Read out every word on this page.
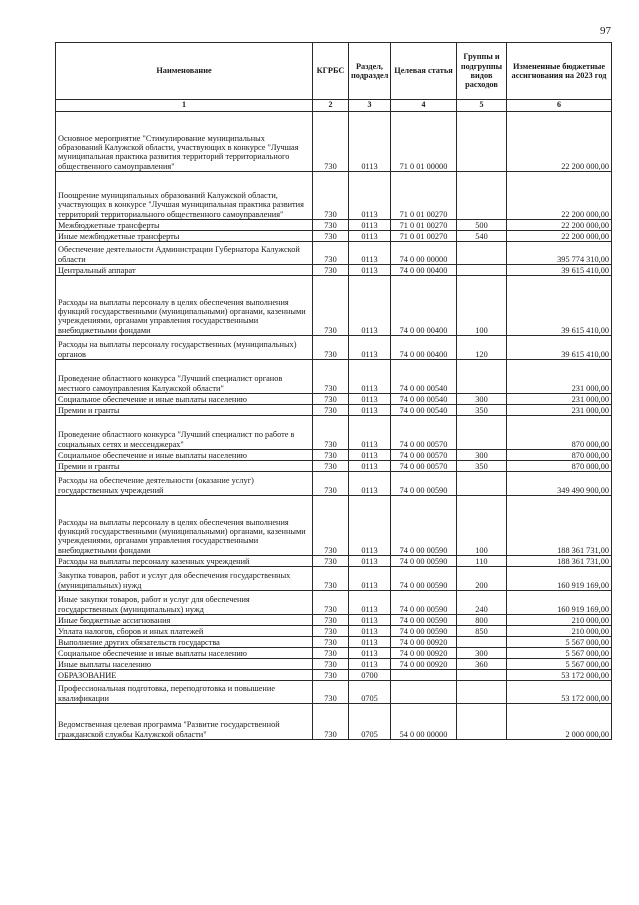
97
Наименование	КГРБС	Раздел, подраздел	Целевая статья	Группы и подгруппы видов расходов	Измененные бюджетные ассигнования на 2023 год
1	2	3	4	5	6
Основное мероприятие "Стимулирование муниципальных образований Калужской области, участвующих в конкурсе "Лучшая муниципальная практика развития территорий территориального общественного самоуправления"	730	0113	71 0 01 00000		22 200 000,00
Поощрение муниципальных образований Калужской области, участвующих в конкурсе "Лучшая муниципальная практика развития территорий территориального общественного самоуправления"	730	0113	71 0 01 00270		22 200 000,00
Межбюджетные трансферты	730	0113	71 0 01 00270	500	22 200 000,00
Иные межбюджетные трансферты	730	0113	71 0 01 00270	540	22 200 000,00
Обеспечение деятельности Администрации Губернатора Калужской области	730	0113	74 0 00 00000		395 774 310,00
Центральный аппарат	730	0113	74 0 00 00400		39 615 410,00
Расходы на выплаты персоналу в целях обеспечения выполнения функций государственными (муниципальными) органами, казенными учреждениями, органами управления государственными внебюджетными фондами	730	0113	74 0 00 00400	100	39 615 410,00
Расходы на выплаты персоналу государственных (муниципальных) органов	730	0113	74 0 00 00400	120	39 615 410,00
Проведение областного конкурса "Лучший специалист органов местного самоуправления Калужской области"	730	0113	74 0 00 00540		231 000,00
Социальное обеспечение и иные выплаты населению	730	0113	74 0 00 00540	300	231 000,00
Премии и гранты	730	0113	74 0 00 00540	350	231 000,00
Проведение областного конкурса "Лучший специалист по работе в социальных сетях и мессенджерах"	730	0113	74 0 00 00570		870 000,00
Социальное обеспечение и иные выплаты населению	730	0113	74 0 00 00570	300	870 000,00
Премии и гранты	730	0113	74 0 00 00570	350	870 000,00
Расходы на обеспечение деятельности (оказание услуг) государственных учреждений	730	0113	74 0 00 00590		349 490 900,00
Расходы на выплаты персоналу в целях обеспечения выполнения функций государственными (муниципальными) органами, казенными учреждениями, органами управления государственными внебюджетными фондами	730	0113	74 0 00 00590	100	188 361 731,00
Расходы на выплаты персоналу казенных учреждений	730	0113	74 0 00 00590	110	188 361 731,00
Закупка товаров, работ и услуг для обеспечения государственных (муниципальных) нужд	730	0113	74 0 00 00590	200	160 919 169,00
Иные закупки товаров, работ и услуг для обеспечения государственных (муниципальных) нужд	730	0113	74 0 00 00590	240	160 919 169,00
Иные бюджетные ассигнования	730	0113	74 0 00 00590	800	210 000,00
Уплата налогов, сборов и иных платежей	730	0113	74 0 00 00590	850	210 000,00
Выполнение других обязательств государства	730	0113	74 0 00 00920		5 567 000,00
Социальное обеспечение и иные выплаты населению	730	0113	74 0 00 00920	300	5 567 000,00
Иные выплаты населению	730	0113	74 0 00 00920	360	5 567 000,00
ОБРАЗОВАНИЕ	730	0700			53 172 000,00
Профессиональная подготовка, переподготовка и повышение квалификации	730	0705			53 172 000,00
Ведомственная целевая программа "Развитие государственной гражданской службы Калужской области"	730	0705	54 0 00 00000		2 000 000,00
